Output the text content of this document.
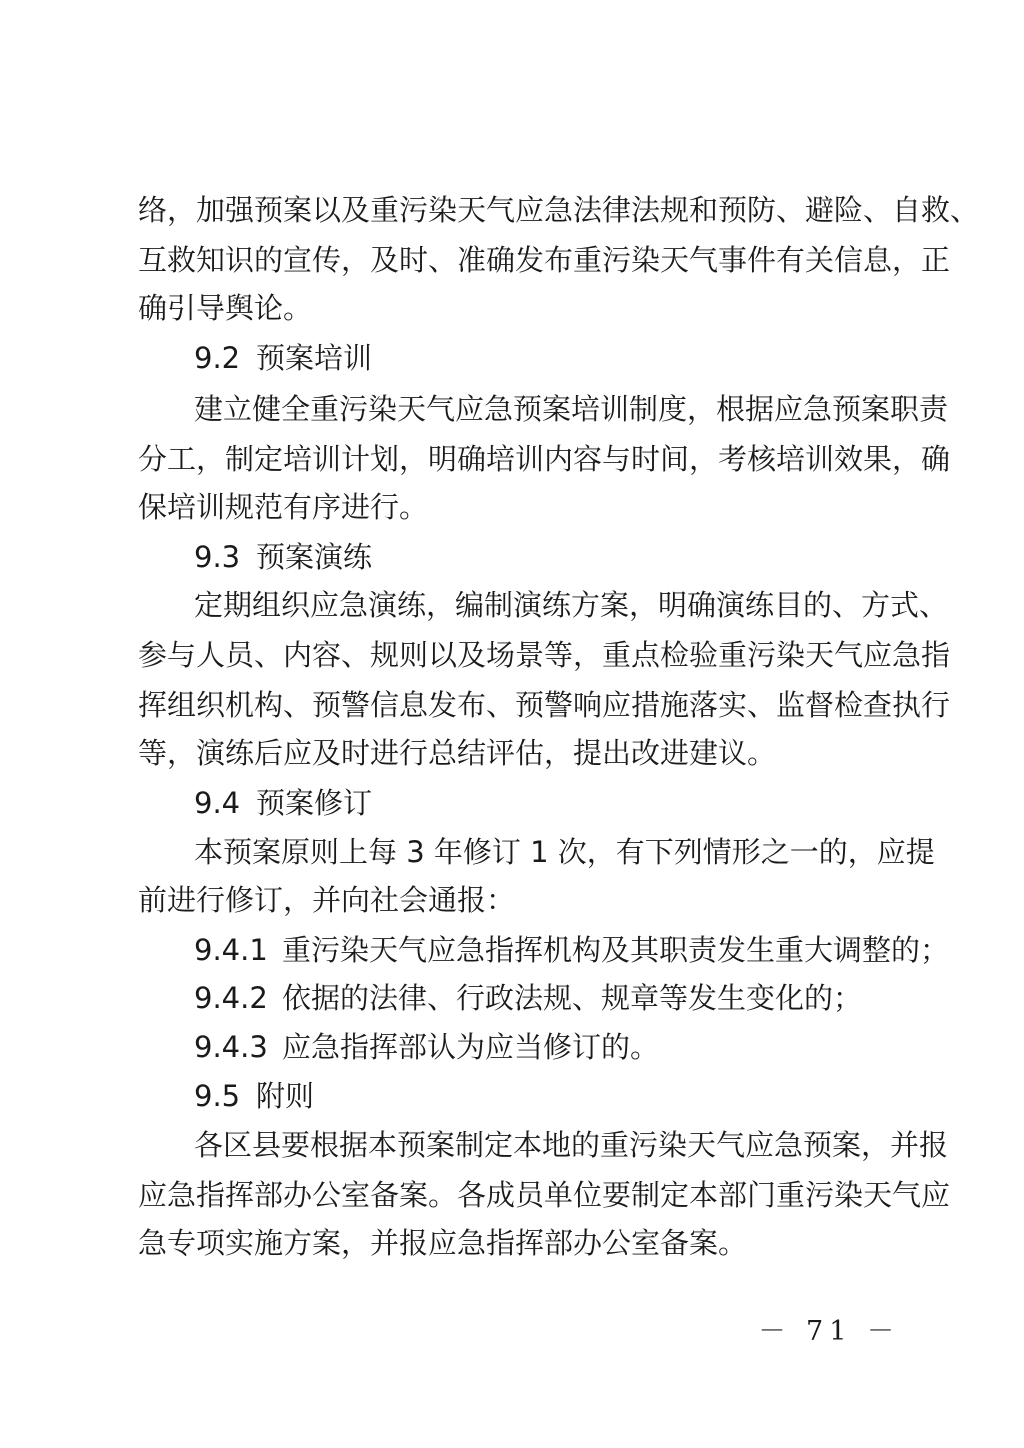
络，加强预案以及重污染天气应急法律法规和预防、避险、自救、
互救知识的宣传，及时、准确发布重污染天气事件有关信息，正
确引导舆论。
9.2 预案培训
建立健全重污染天气应急预案培训制度，根据应急预案职责
分工，制定培训计划，明确培训内容与时间，考核培训效果，确
保培训规范有序进行。
9.3 预案演练
定期组织应急演练，编制演练方案，明确演练目的、方式、
参与人员、内容、规则以及场景等，重点检验重污染天气应急指
挥组织机构、预警信息发布、预警响应措施落实、监督检查执行
等，演练后应及时进行总结评估，提出改进建议。
9.4 预案修订
本预案原则上每 3 年修订 1 次，有下列情形之一的，应提
前进行修订，并向社会通报：
9.4.1 重污染天气应急指挥机构及其职责发生重大调整的；
9.4.2 依据的法律、行政法规、规章等发生变化的；
9.4.3 应急指挥部认为应当修订的。
9.5 附则
各区县要根据本预案制定本地的重污染天气应急预案，并报
应急指挥部办公室备案。各成员单位要制定本部门重污染天气应
急专项实施方案，并报应急指挥部办公室备案。
－ 71 －
